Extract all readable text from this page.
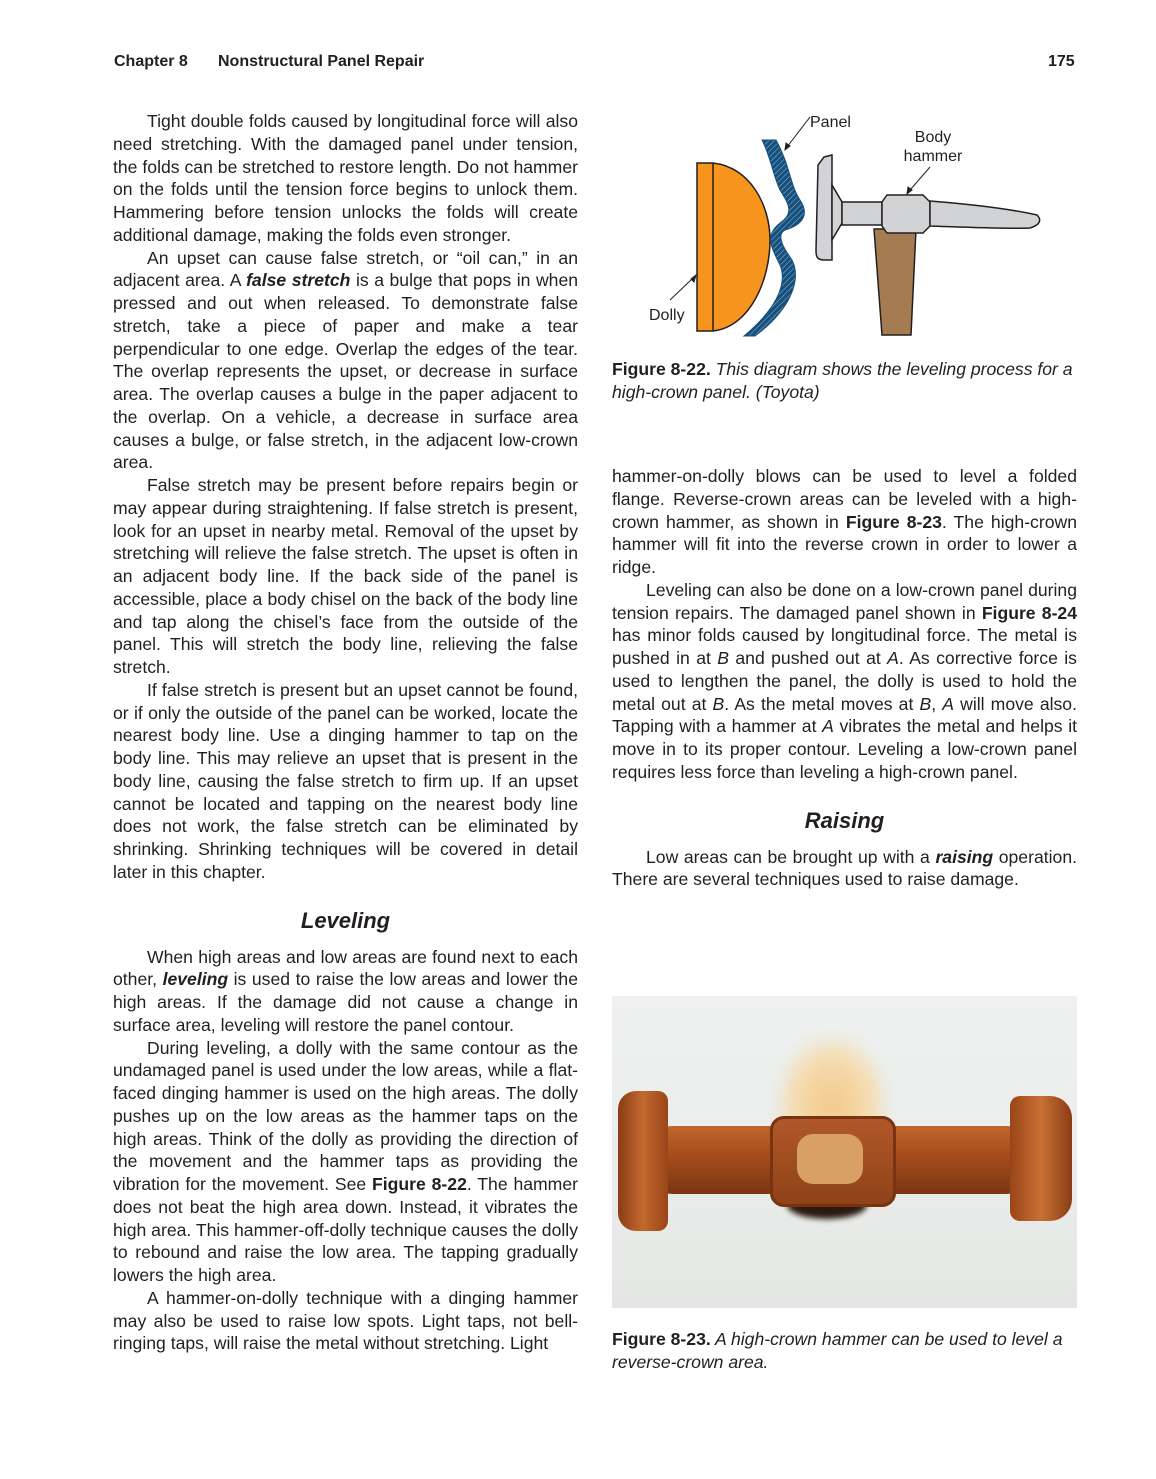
Chapter 8 Nonstructural Panel Repair	175

Tight double folds caused by longitudinal force will also need stretching. With the damaged panel under tension, the folds can be stretched to restore length. Do not hammer on the folds until the tension force begins to unlock them. Hammering before tension unlocks the folds will create additional damage, making the folds even stronger.

An upset can cause false stretch, or “oil can,” in an adjacent area. A false stretch is a bulge that pops in when pressed and out when released. To demonstrate false stretch, take a piece of paper and make a tear perpendicular to one edge. Overlap the edges of the tear. The overlap represents the upset, or decrease in surface area. The overlap causes a bulge in the paper adjacent to the overlap. On a vehicle, a decrease in surface area causes a bulge, or false stretch, in the adjacent low-crown area.

False stretch may be present before repairs begin or may appear during straightening. If false stretch is present, look for an upset in nearby metal. Removal of the upset by stretching will relieve the false stretch. The upset is often in an adjacent body line. If the back side of the panel is accessible, place a body chisel on the back of the body line and tap along the chisel’s face from the outside of the panel. This will stretch the body line, relieving the false stretch.

If false stretch is present but an upset cannot be found, or if only the outside of the panel can be worked, locate the nearest body line. Use a dinging hammer to tap on the body line. This may relieve an upset that is present in the body line, causing the false stretch to firm up. If an upset cannot be located and tapping on the nearest body line does not work, the false stretch can be eliminated by shrinking. Shrinking techniques will be covered in detail later in this chapter.

Leveling

When high areas and low areas are found next to each other, leveling is used to raise the low areas and lower the high areas. If the damage did not cause a change in surface area, leveling will restore the panel contour.

During leveling, a dolly with the same contour as the undamaged panel is used under the low areas, while a flat-faced dinging hammer is used on the high areas. The dolly pushes up on the low areas as the hammer taps on the high areas. Think of the dolly as providing the direction of the movement and the hammer taps as providing the vibration for the movement. See Figure 8-22. The hammer does not beat the high area down. Instead, it vibrates the high area. This hammer-off-dolly technique causes the dolly to rebound and raise the low area. The tapping gradually lowers the high area.

A hammer-on-dolly technique with a dinging hammer may also be used to raise low spots. Light taps, not bell-ringing taps, will raise the metal without stretching. Light

hammer-on-dolly blows can be used to level a folded flange. Reverse-crown areas can be leveled with a high-crown hammer, as shown in Figure 8-23. The high-crown hammer will fit into the reverse crown in order to lower a ridge.

Leveling can also be done on a low-crown panel during tension repairs. The damaged panel shown in Figure 8-24 has minor folds caused by longitudinal force. The metal is pushed in at B and pushed out at A. As corrective force is used to lengthen the panel, the dolly is used to hold the metal out at B. As the metal moves at B, A will move also. Tapping with a hammer at A vibrates the metal and helps it move in to its proper contour. Leveling a low-crown panel requires less force than leveling a high-crown panel.

Raising

Low areas can be brought up with a raising operation. There are several techniques used to raise damage.

Panel
Body
hammer
Dolly
Figure 8-22. This diagram shows the leveling process for a high-crown panel. (Toyota)
Figure 8-23. A high-crown hammer can be used to level a reverse-crown area.
